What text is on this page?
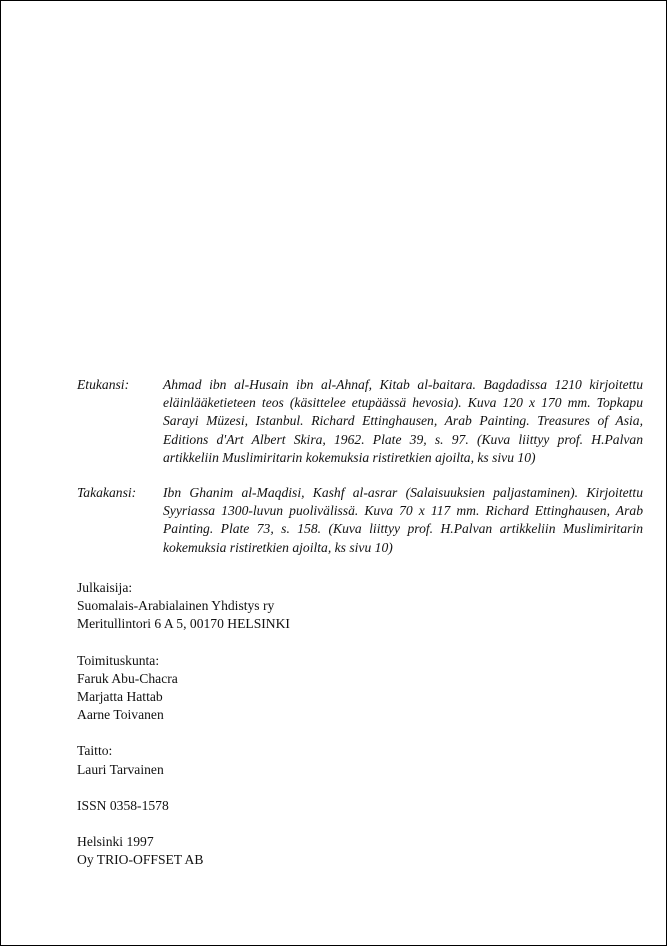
Etukansi:	Ahmad ibn al-Husain ibn al-Ahnaf, Kitab al-baitara. Bagdadissa 1210 kirjoitettu eläinlääketieteen teos (käsittelee etupäässä hevosia). Kuva 120 x 170 mm. Topkapu Sarayi Müzesi, Istanbul. Richard Ettinghausen, Arab Painting. Treasures of Asia, Editions d'Art Albert Skira, 1962. Plate 39, s. 97. (Kuva liittyy prof. H.Palvan artikkeliin Muslimiritarin kokemuksia ristiretkien ajoilta, ks sivu 10)
Takakansi:	Ibn Ghanim al-Maqdisi, Kashf al-asrar (Salaisuuksien paljastaminen). Kirjoitettu Syyriassa 1300-luvun puolivälissä. Kuva 70 x 117 mm. Richard Ettinghausen, Arab Painting. Plate 73, s. 158. (Kuva liittyy prof. H.Palvan artikkeliin Muslimiritarin kokemuksia ristiretkien ajoilta, ks sivu 10)
Julkaisija:
Suomalais-Arabialainen Yhdistys ry
Meritullintori 6 A 5, 00170 HELSINKI
Toimituskunta:
Faruk Abu-Chacra
Marjatta Hattab
Aarne Toivanen
Taitto:
Lauri Tarvainen
ISSN 0358-1578
Helsinki 1997
Oy TRIO-OFFSET AB
